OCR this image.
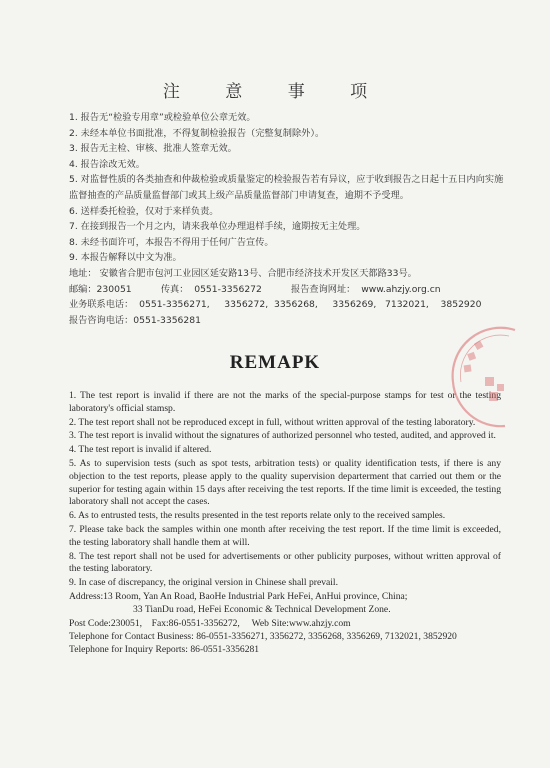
注 意 事 项

1. 报告无“检验专用章”或检验单位公章无效。

2. 未经本单位书面批准，不得复制检验报告（完整复制除外）。

3. 报告无主检、审核、批准人签章无效。

4. 报告涂改无效。

5. 对监督性质的各类抽查和仲裁检验或质量鉴定的检验报告若有异议，应于收到报告之日起十五日内向实施监督抽查的产品质量监督部门或其上级产品质量监督部门申请复查，逾期不予受理。

6. 送样委托检验，仅对于来样负责。

7. 在接到报告一个月之内，请来我单位办理退样手续，逾期按无主处理。

8. 未经书面许可，本报告不得用于任何广告宣传。

9. 本报告解释以中文为准。

地址： 安徽省合肥市包河工业园区延安路13号、合肥市经济技术开发区天都路33号。

邮编：230051          传真：  0551-3356272          报告查询网址：  www.ahzjy.org.cn

业务联系电话：  0551-3356271,     3356272,  3356268,     3356269,   7132021,    3852920

报告咨询电话：0551-3356281

REMAPK

1. The test report is invalid if there are not the marks of the special-purpose stamps for test or the testing laboratory's official stamsp.

2. The test report shall not be reproduced except in full, without written approval of the testing laboratory.

3. The test report is invalid without the signatures of authorized personnel who tested, audited, and approved it.

4. The test report is invalid if altered.

5. As to supervision tests (such as spot tests, arbitration tests) or quality identification tests, if there is any objection to the test reports, please apply to the quality supervision departerment that carried out them or the superior for testing again within 15 days after receiving the test reports. If the time limit is exceeded, the testing laboratory shall not accept the cases.

6. As to entrusted tests, the results presented in the test reports relate only to the received samples.

7. Please take back the samples within one month after receiving the test report. If the time limit is exceeded, the testing laboratory shall handle them at will.

8. The test report shall not be used for advertisements or other publicity purposes, without written approval of the testing laboratory.

9. In case of discrepancy, the original version in Chinese shall prevail.

Address:13 Room, Yan An Road, BaoHe Industrial Park HeFei, AnHui province, China;

33 TianDu road, HeFei Economic & Technical Development Zone.

Post Code:230051,    Fax:86-0551-3356272,     Web Site:www.ahzjy.com

Telephone for Contact Business: 86-0551-3356271, 3356272, 3356268, 3356269, 7132021, 3852920

Telephone for Inquiry Reports: 86-0551-3356281
